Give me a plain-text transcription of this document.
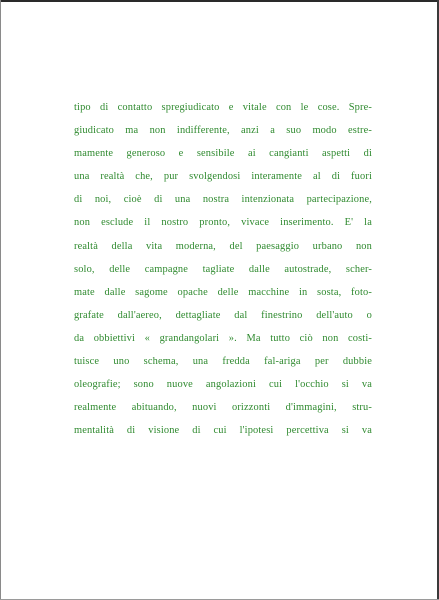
tipo di contatto spregiudicato e vitale con le cose. Spre-
giudicato ma non indifferente, anzi a suo modo estre-
mamente generoso e sensibile ai cangianti aspetti di
una realtà che, pur svolgendosi interamente al di fuori
di noi, cioè di una nostra intenzionata partecipazione,
non esclude il nostro pronto, vivace inserimento. E' la
realtà della vita moderna, del paesaggio urbano non
solo, delle campagne tagliate dalle autostrade, scher-
mate dalle sagome opache delle macchine in sosta, foto-
grafate dall'aereo, dettagliate dal finestrino dell'auto o
da obbiettivi « grandangolari ». Ma tutto ciò non costi-
tuisce uno schema, una fredda fal-ariga per dubbie
oleografie; sono nuove angolazioni cui l'occhio si va
realmente abituando, nuovi orizzonti d'immagini, stru-
mentalità di visione di cui l'ipotesi percettiva si va
